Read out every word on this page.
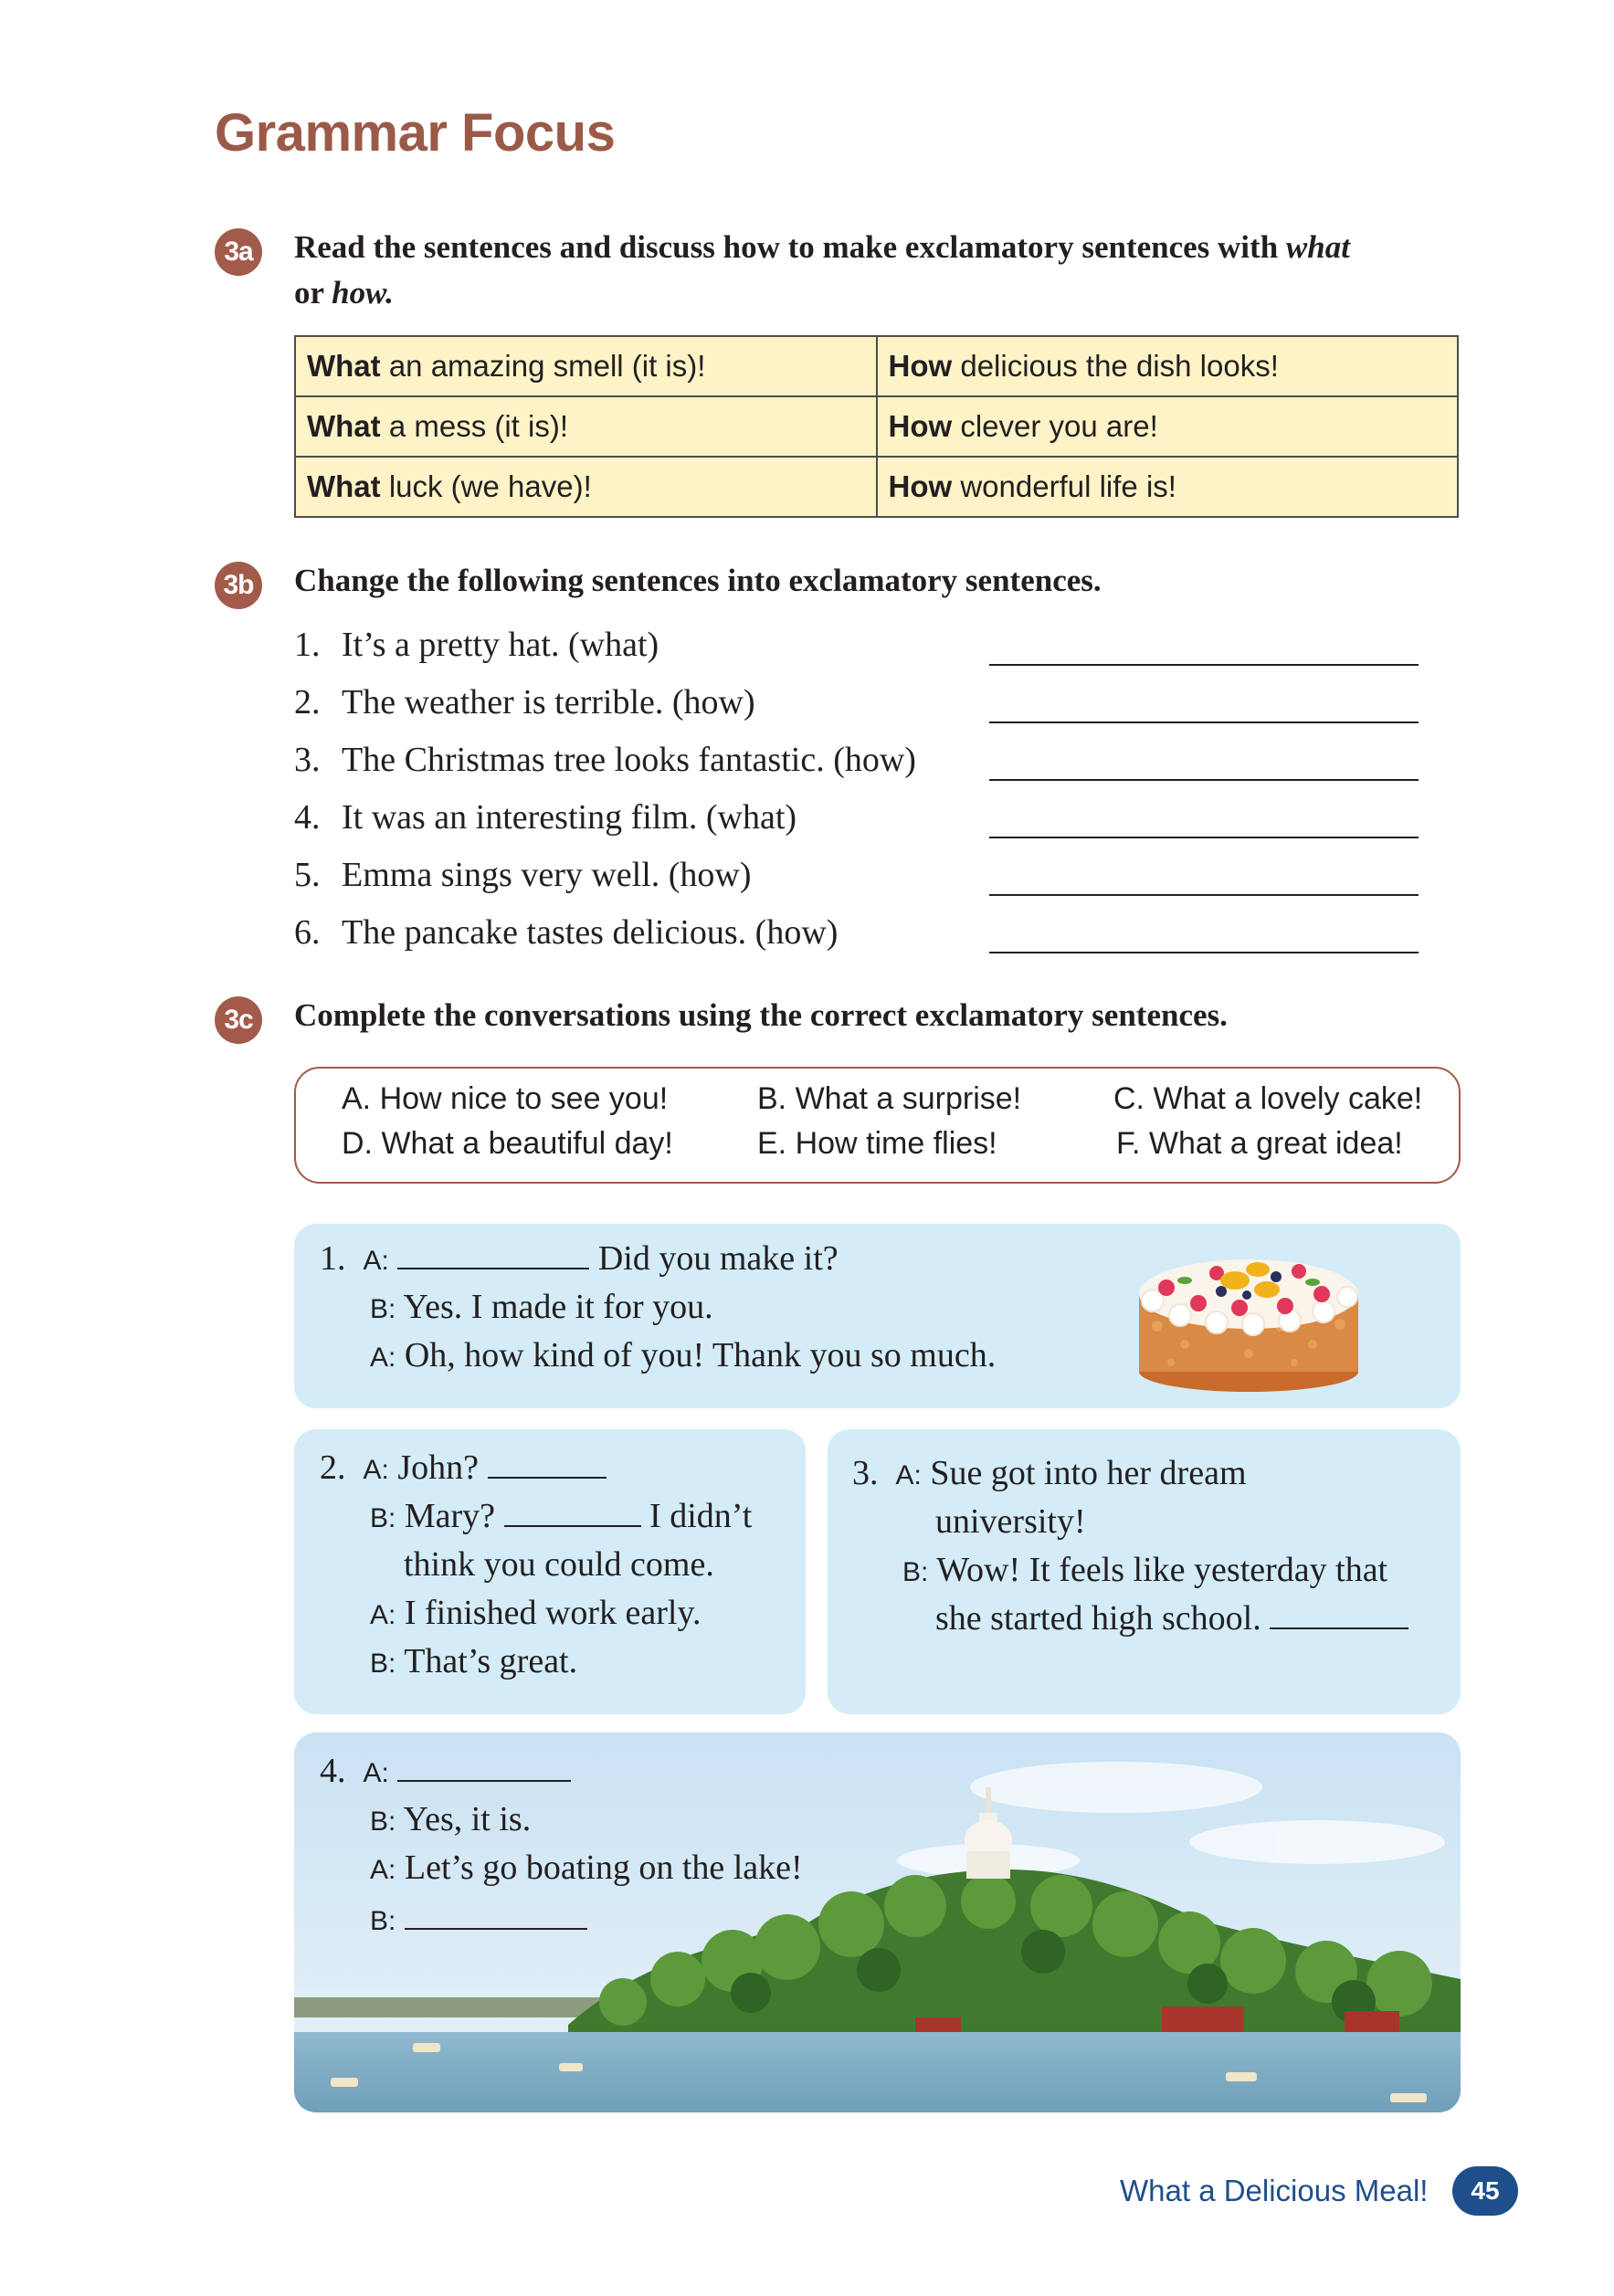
Grammar Focus
3a Read the sentences and discuss how to make exclamatory sentences with what
or how.
What an amazing smell (it is)!	How delicious the dish looks!
What a mess (it is)!	How clever you are!
What luck (we have)!	How wonderful life is!
3b Change the following sentences into exclamatory sentences.
1. It’s a pretty hat. (what)
2. The weather is terrible. (how)
3. The Christmas tree looks fantastic. (how)
4. It was an interesting film. (what)
5. Emma sings very well. (how)
6. The pancake tastes delicious. (how)
3c Complete the conversations using the correct exclamatory sentences.
A. How nice to see you!	B. What a surprise!	C. What a lovely cake!
D. What a beautiful day!	E. How time flies!	F. What a great idea!
1. A:	Did you make it?
B: Yes. I made it for you.
A: Oh, how kind of you! Thank you so much.
2. A: John?
B: Mary?	I didn’t
think you could come.
A: I finished work early.
B: That’s great.
3. A: Sue got into her dream
university!
B: Wow! It feels like yesterday that
she started high school.
4. A:
B: Yes, it is.
A: Let’s go boating on the lake!
B:
What a Delicious Meal!	45
